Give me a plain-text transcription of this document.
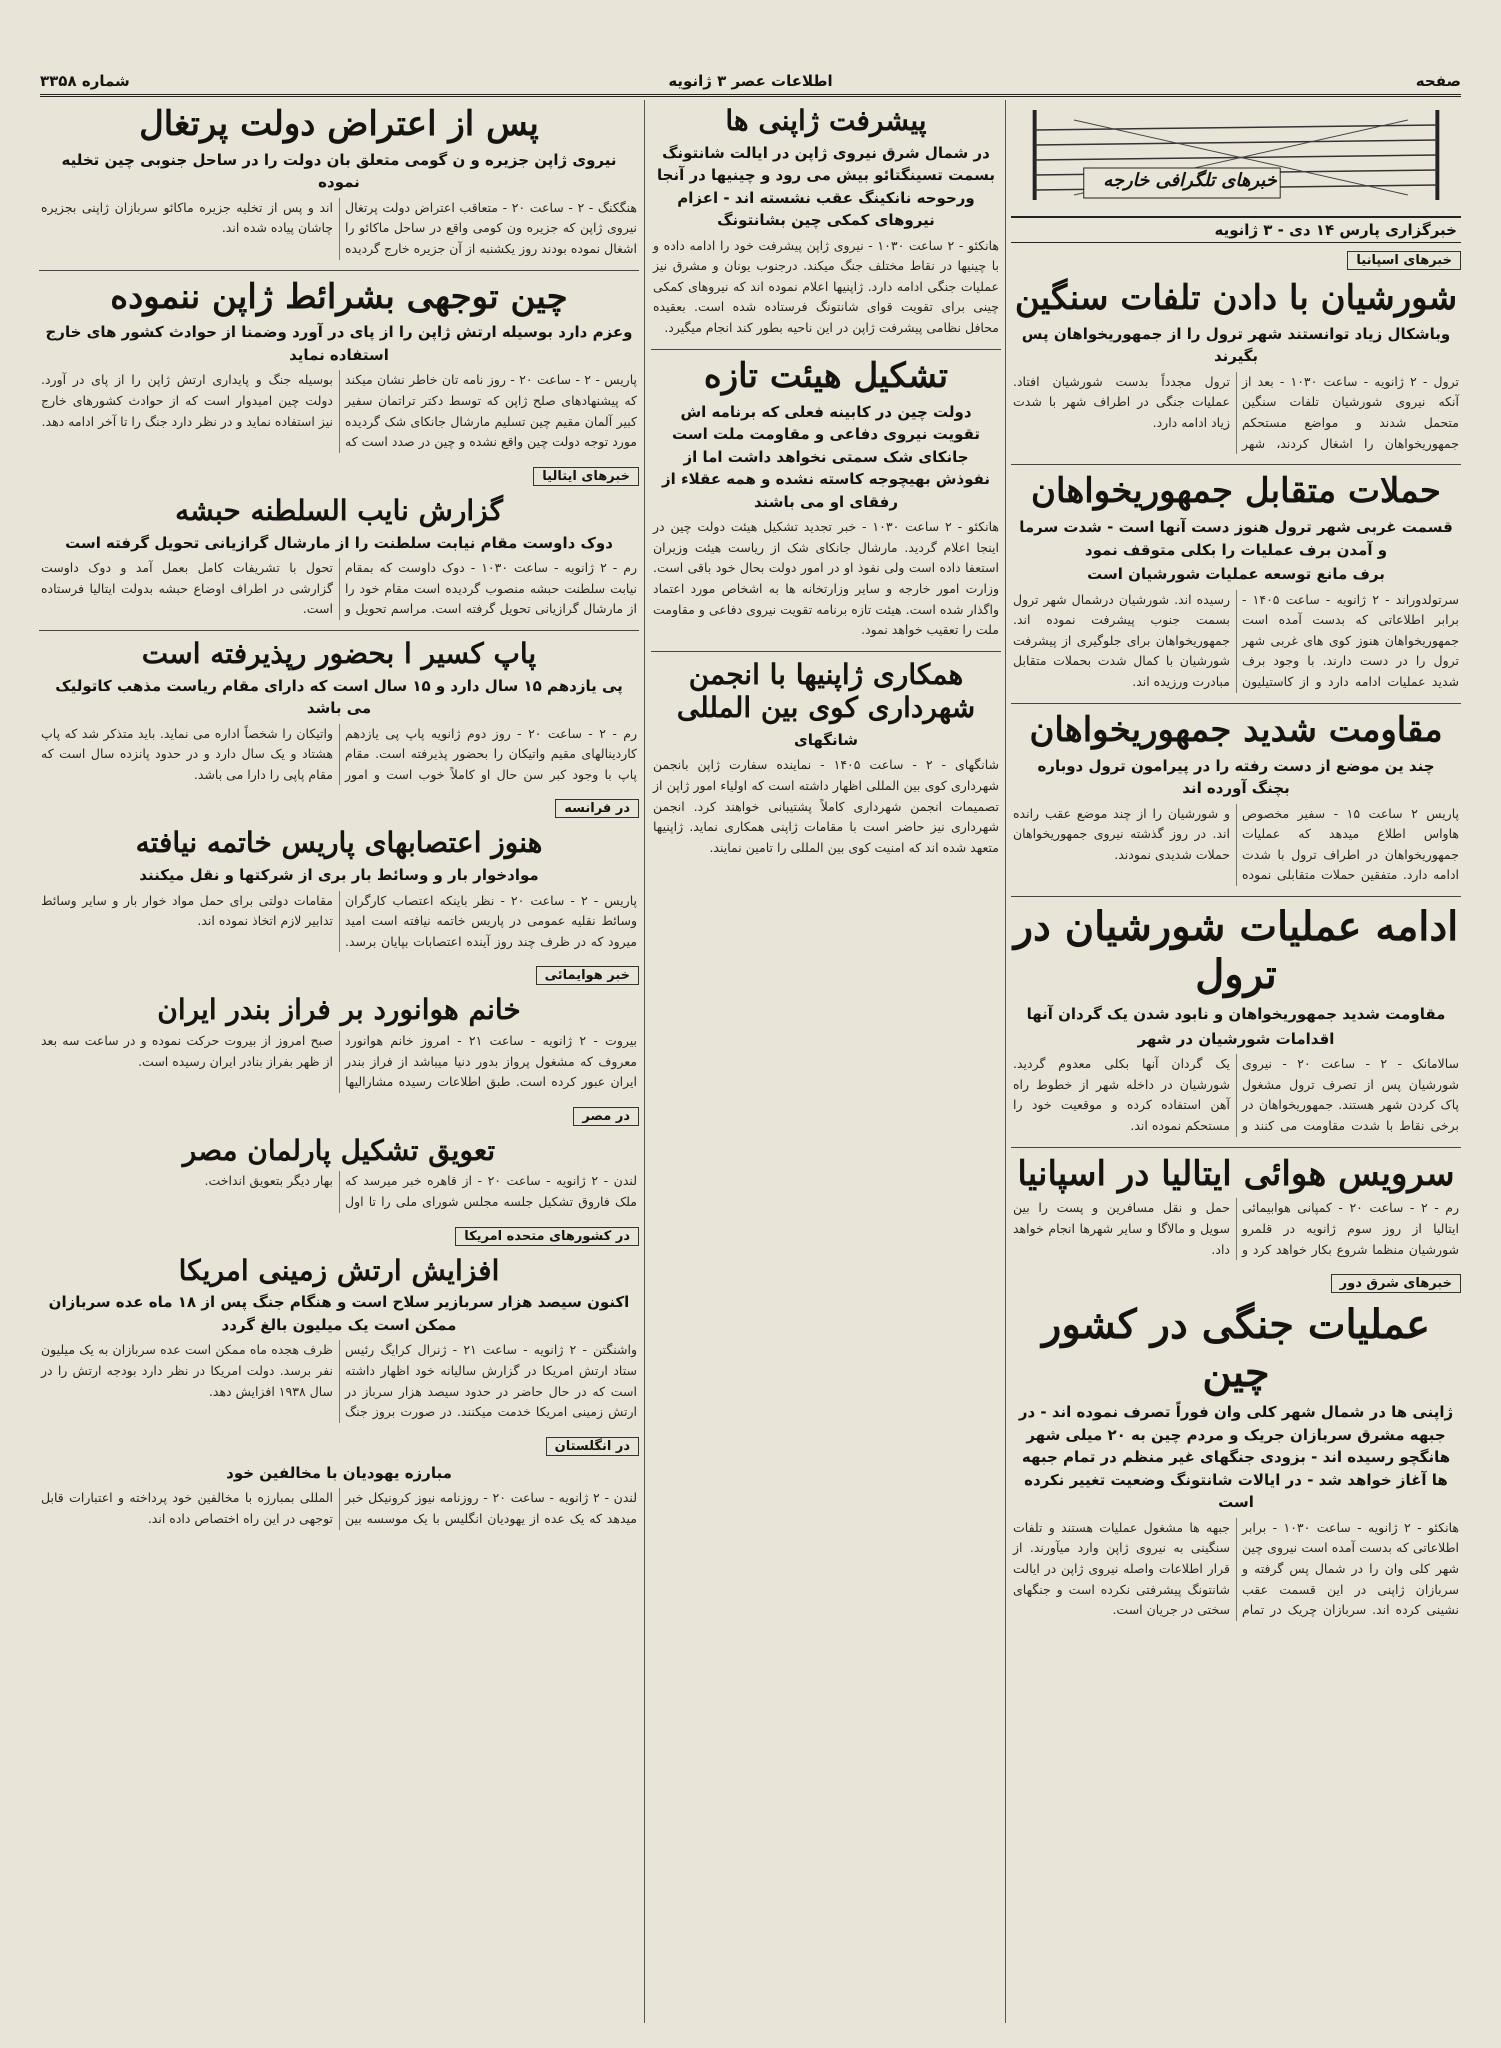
صفحه
اطلاعات عصر ۳ ژانویه
شماره ۳۳۵۸
خبرهای تلگرافی خارجه
خبرگزاری پارس ۱۴ دی - ۳ ژانویه
خبرهای اسپانیا
شورشیان با دادن تلفات سنگین
وباشکال زیاد توانستند شهر ترول را از جمهوریخواهان پس بگیرند
ترول - ۲ ژانویه - ساعت ۱۰۳۰ - بعد از آنکه نیروی شورشیان تلفات سنگین متحمل شدند و مواضع مستحکم جمهوریخواهان را اشغال کردند، شهر ترول مجدداً بدست شورشیان افتاد. عملیات جنگی در اطراف شهر با شدت زیاد ادامه دارد.
حملات متقابل جمهوریخواهان
قسمت غربی شهر ترول هنوز دست آنها است - شدت سرما و آمدن برف عملیات را بکلی متوقف نمود
برف مانع توسعه عملیات شورشیان است
سرتولدوراند - ۲ ژانویه - ساعت ۱۴۰۵ - برابر اطلاعاتی که بدست آمده است جمهوریخواهان هنوز کوی های غربی شهر ترول را در دست دارند. با وجود برف شدید عملیات ادامه دارد و از کاستیلیون رسیده اند. شورشیان درشمال شهر ترول بسمت جنوب پیشرفت نموده اند. جمهوریخواهان برای جلوگیری از پیشرفت شورشیان با کمال شدت بحملات متقابل مبادرت ورزیده اند.
مقاومت شدید جمهوریخواهان
چند ین موضع از دست رفته را در پیرامون ترول دوباره بچنگ آورده اند
پاریس ۲ ساعت ۱۵ - سفیر مخصوص هاواس اطلاع میدهد که عملیات جمهوریخواهان در اطراف ترول با شدت ادامه دارد. متفقین حملات متقابلی نموده و شورشیان را از چند موضع عقب رانده اند. در روز گذشته نیروی جمهوریخواهان حملات شدیدی نمودند.
ادامه عملیات شورشیان در ترول
مقاومت شدید جمهوریخواهان و نابود شدن یک گردان آنها
اقدامات شورشیان در شهر
سالامانک - ۲ - ساعت ۲۰ - نیروی شورشیان پس از تصرف ترول مشغول پاک کردن شهر هستند. جمهوریخواهان در برخی نقاط با شدت مقاومت می کنند و یک گردان آنها بکلی معدوم گردید. شورشیان در داخله شهر از خطوط راه آهن استفاده کرده و موقعیت خود را مستحکم نموده اند.
سرویس هوائی ایتالیا در اسپانیا
رم - ۲ - ساعت ۲۰ - کمپانی هوابیمائی ایتالیا از روز سوم ژانویه در قلمرو شورشیان منظما شروع بکار خواهد کرد و حمل و نقل مسافرین و پست را بین سویل و مالاگا و سایر شهرها انجام خواهد داد.
خبرهای شرق دور
عملیات جنگی در کشور چین
ژاپنی ها در شمال شهر کلی وان فوراً تصرف نموده اند - در جبهه مشرق سربازان جریک و مردم چین به ۲۰ میلی شهر هانگچو رسیده اند - بزودی جنگهای غیر منظم در تمام جبهه ها آغاز خواهد شد - در ایالات شانتونگ وضعیت تغییر نکرده است
هانکئو - ۲ ژانویه - ساعت ۱۰۳۰ - برابر اطلاعاتی که بدست آمده است نیروی چین شهر کلی وان را در شمال پس گرفته و سربازان ژاپنی در این قسمت عقب نشینی کرده اند. سربازان چریک در تمام جبهه ها مشغول عملیات هستند و تلفات سنگینی به نیروی ژاپن وارد میآورند. از قرار اطلاعات واصله نیروی ژاپن در ایالت شانتونگ پیشرفتی نکرده است و جنگهای سختی در جریان است.
پیشرفت ژاپنی ها
در شمال شرق نیروی ژاپن در ایالت شانتونگ بسمت تسینگتائو بیش می رود و چینیها در آنجا ورحوحه نانکینگ عقب نشسته اند - اعزام نیروهای کمکی چین بشانتونگ
هانکئو - ۲ ساعت ۱۰۳۰ - نیروی ژاپن پیشرفت خود را ادامه داده و با چینیها در نقاط مختلف جنگ میکند. درجنوب یونان و مشرق نیز عملیات جنگی ادامه دارد. ژاپنیها اعلام نموده اند که نیروهای کمکی چینی برای تقویت قوای شانتونگ فرستاده شده است. بعقیده محافل نظامی پیشرفت ژاپن در این ناحیه بطور کند انجام میگیرد.
تشکیل هیئت تازه
دولت چین در کابینه فعلی که برنامه اش تقویت نیروی دفاعی و مقاومت ملت است جانکای شک سمتی نخواهد داشت اما از نفوذش بهیچوجه کاسته نشده و همه عقلاء از رفقای او می باشند
هانکئو - ۲ ساعت ۱۰۳۰ - خبر تجدید تشکیل هیئت دولت چین در اینجا اعلام گردید. مارشال جانکای شک از ریاست هیئت وزیران استعفا داده است ولی نفوذ او در امور دولت بحال خود باقی است. وزارت امور خارجه و سایر وزارتخانه ها به اشخاص مورد اعتماد واگذار شده است. هیئت تازه برنامه تقویت نیروی دفاعی و مقاومت ملت را تعقیب خواهد نمود.
همکاری ژاپنیها با انجمن شهرداری کوی بین المللی
شانگهای
شانگهای - ۲ - ساعت ۱۴۰۵ - نماینده سفارت ژاپن بانجمن شهرداری کوی بین المللی اظهار داشته است که اولیاء امور ژاپن از تصمیمات انجمن شهرداری کاملاً پشتیبانی خواهند کرد. انجمن شهرداری نیز حاضر است با مقامات ژاپنی همکاری نماید. ژاپنیها متعهد شده اند که امنیت کوی بین المللی را تامین نمایند.
پس از اعتراض دولت پرتغال
نیروی ژاپن جزیره و ن گومی متعلق بان دولت را در ساحل جنوبی چین تخلیه نموده
هنگکنگ - ۲ - ساعت ۲۰ - متعاقب اعتراض دولت پرتغال نیروی ژاپن که جزیره ون کومی واقع در ساحل ماکائو را اشغال نموده بودند روز یکشنبه از آن جزیره خارج گردیده اند و پس از تخلیه جزیره ماکائو سربازان ژاپنی بجزیره چاشان پیاده شده اند.
چین توجهی بشرائط ژاپن ننموده
وعزم دارد بوسیله ارتش ژاپن را از پای در آورد وضمنا از حوادث کشور های خارج استفاده نماید
پاریس - ۲ - ساعت ۲۰ - روز نامه تان خاطر نشان میکند که پیشنهادهای صلح ژاپن که توسط دکتر تراتمان سفیر کبیر آلمان مقیم چین تسلیم مارشال جانکای شک گردیده مورد توجه دولت چین واقع نشده و چین در صدد است که بوسیله جنگ و پایداری ارتش ژاپن را از پای در آورد. دولت چین امیدوار است که از حوادث کشورهای خارج نیز استفاده نماید و در نظر دارد جنگ را تا آخر ادامه دهد.
خبرهای ایتالیا
گزارش نایب السلطنه حبشه
دوک داوست مقام نیابت سلطنت را از مارشال گرازیانی تحویل گرفته است
رم - ۲ ژانویه - ساعت ۱۰۳۰ - دوک داوست که بمقام نیابت سلطنت حبشه منصوب گردیده است مقام خود را از مارشال گرازیانی تحویل گرفته است. مراسم تحویل و تحول با تشریفات کامل بعمل آمد و دوک داوست گزارشی در اطراف اوضاع حبشه بدولت ایتالیا فرستاده است.
پاپ کسیر ا بحضور رپذیرفته است
پی یازدهم ۱۵ سال دارد و ۱۵ سال است که دارای مقام ریاست مذهب کاتولیک می باشد
رم - ۲ - ساعت ۲۰ - روز دوم ژانویه پاپ پی یازدهم کاردینالهای مقیم واتیکان را بحضور پذیرفته است. مقام پاپ با وجود کبر سن حال او کاملاً خوب است و امور واتیکان را شخصاً اداره می نماید. باید متذکر شد که پاپ هشتاد و یک سال دارد و در حدود پانزده سال است که مقام پاپی را دارا می باشد.
در فرانسه
هنوز اعتصابهای پاریس خاتمه نیافته
موادخوار بار و وسائط بار بری از شرکتها و نقل میکنند
پاریس - ۲ - ساعت ۲۰ - نظر باینکه اعتصاب کارگران وسائط نقلیه عمومی در پاریس خاتمه نیافته است امید میرود که در ظرف چند روز آینده اعتصابات بپایان برسد. مقامات دولتی برای حمل مواد خوار بار و سایر وسائط تدابیر لازم اتخاذ نموده اند.
خبر هوایمائی
خانم هوانورد بر فراز بندر ایران
بیروت - ۲ ژانویه - ساعت ۲۱ - امروز خانم هوانورد معروف که مشغول پرواز بدور دنیا میباشد از فراز بندر ایران عبور کرده است. طبق اطلاعات رسیده مشارالیها صبح امروز از بیروت حرکت نموده و در ساعت سه بعد از ظهر بفراز بنادر ایران رسیده است.
در مصر
تعویق تشکیل پارلمان مصر
لندن - ۲ ژانویه - ساعت ۲۰ - از قاهره خبر میرسد که ملک فاروق تشکیل جلسه مجلس شورای ملی را تا اول بهار دیگر بتعویق انداخت.
در کشورهای متحده امریکا
افزایش ارتش زمینی امریکا
اکنون سیصد هزار سربازیر سلاح است و هنگام جنگ پس از ۱۸ ماه عده سربازان ممکن است یک میلیون بالغ گردد
واشنگتن - ۲ ژانویه - ساعت ۲۱ - ژنرال کرایگ رئیس ستاد ارتش امریکا در گزارش سالیانه خود اظهار داشته است که در حال حاضر در حدود سیصد هزار سرباز در ارتش زمینی امریکا خدمت میکنند. در صورت بروز جنگ ظرف هجده ماه ممکن است عده سربازان به یک میلیون نفر برسد. دولت امریکا در نظر دارد بودجه ارتش را در سال ۱۹۳۸ افزایش دهد.
در انگلستان
مبارزه یهودیان با مخالفین خود
لندن - ۲ ژانویه - ساعت ۲۰ - روزنامه نیوز کرونیکل خبر میدهد که یک عده از یهودیان انگلیس با یک موسسه بین المللی بمبارزه با مخالفین خود پرداخته و اعتبارات قابل توجهی در این راه اختصاص داده اند.
